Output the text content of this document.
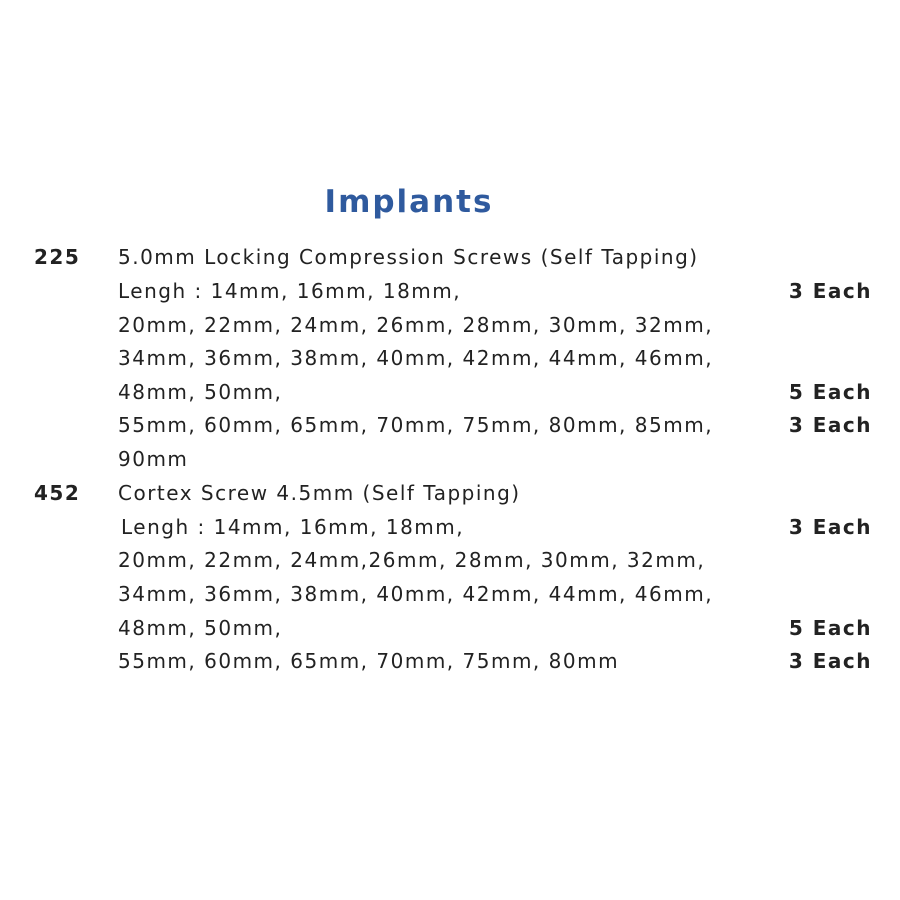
Implants
225 5.0mm Locking Compression Screws (Self Tapping)
Lengh : 14mm, 16mm, 18mm,	3 Each
20mm, 22mm, 24mm, 26mm, 28mm, 30mm, 32mm,
34mm, 36mm, 38mm, 40mm, 42mm, 44mm, 46mm,
48mm, 50mm,	5 Each
55mm, 60mm, 65mm, 70mm, 75mm, 80mm, 85mm,	3 Each
90mm
452 Cortex Screw 4.5mm (Self Tapping)
Lengh : 14mm, 16mm, 18mm,	3 Each
20mm, 22mm, 24mm,26mm, 28mm, 30mm, 32mm,
34mm, 36mm, 38mm, 40mm, 42mm, 44mm, 46mm,
48mm, 50mm,	5 Each
55mm, 60mm, 65mm, 70mm, 75mm, 80mm	3 Each
